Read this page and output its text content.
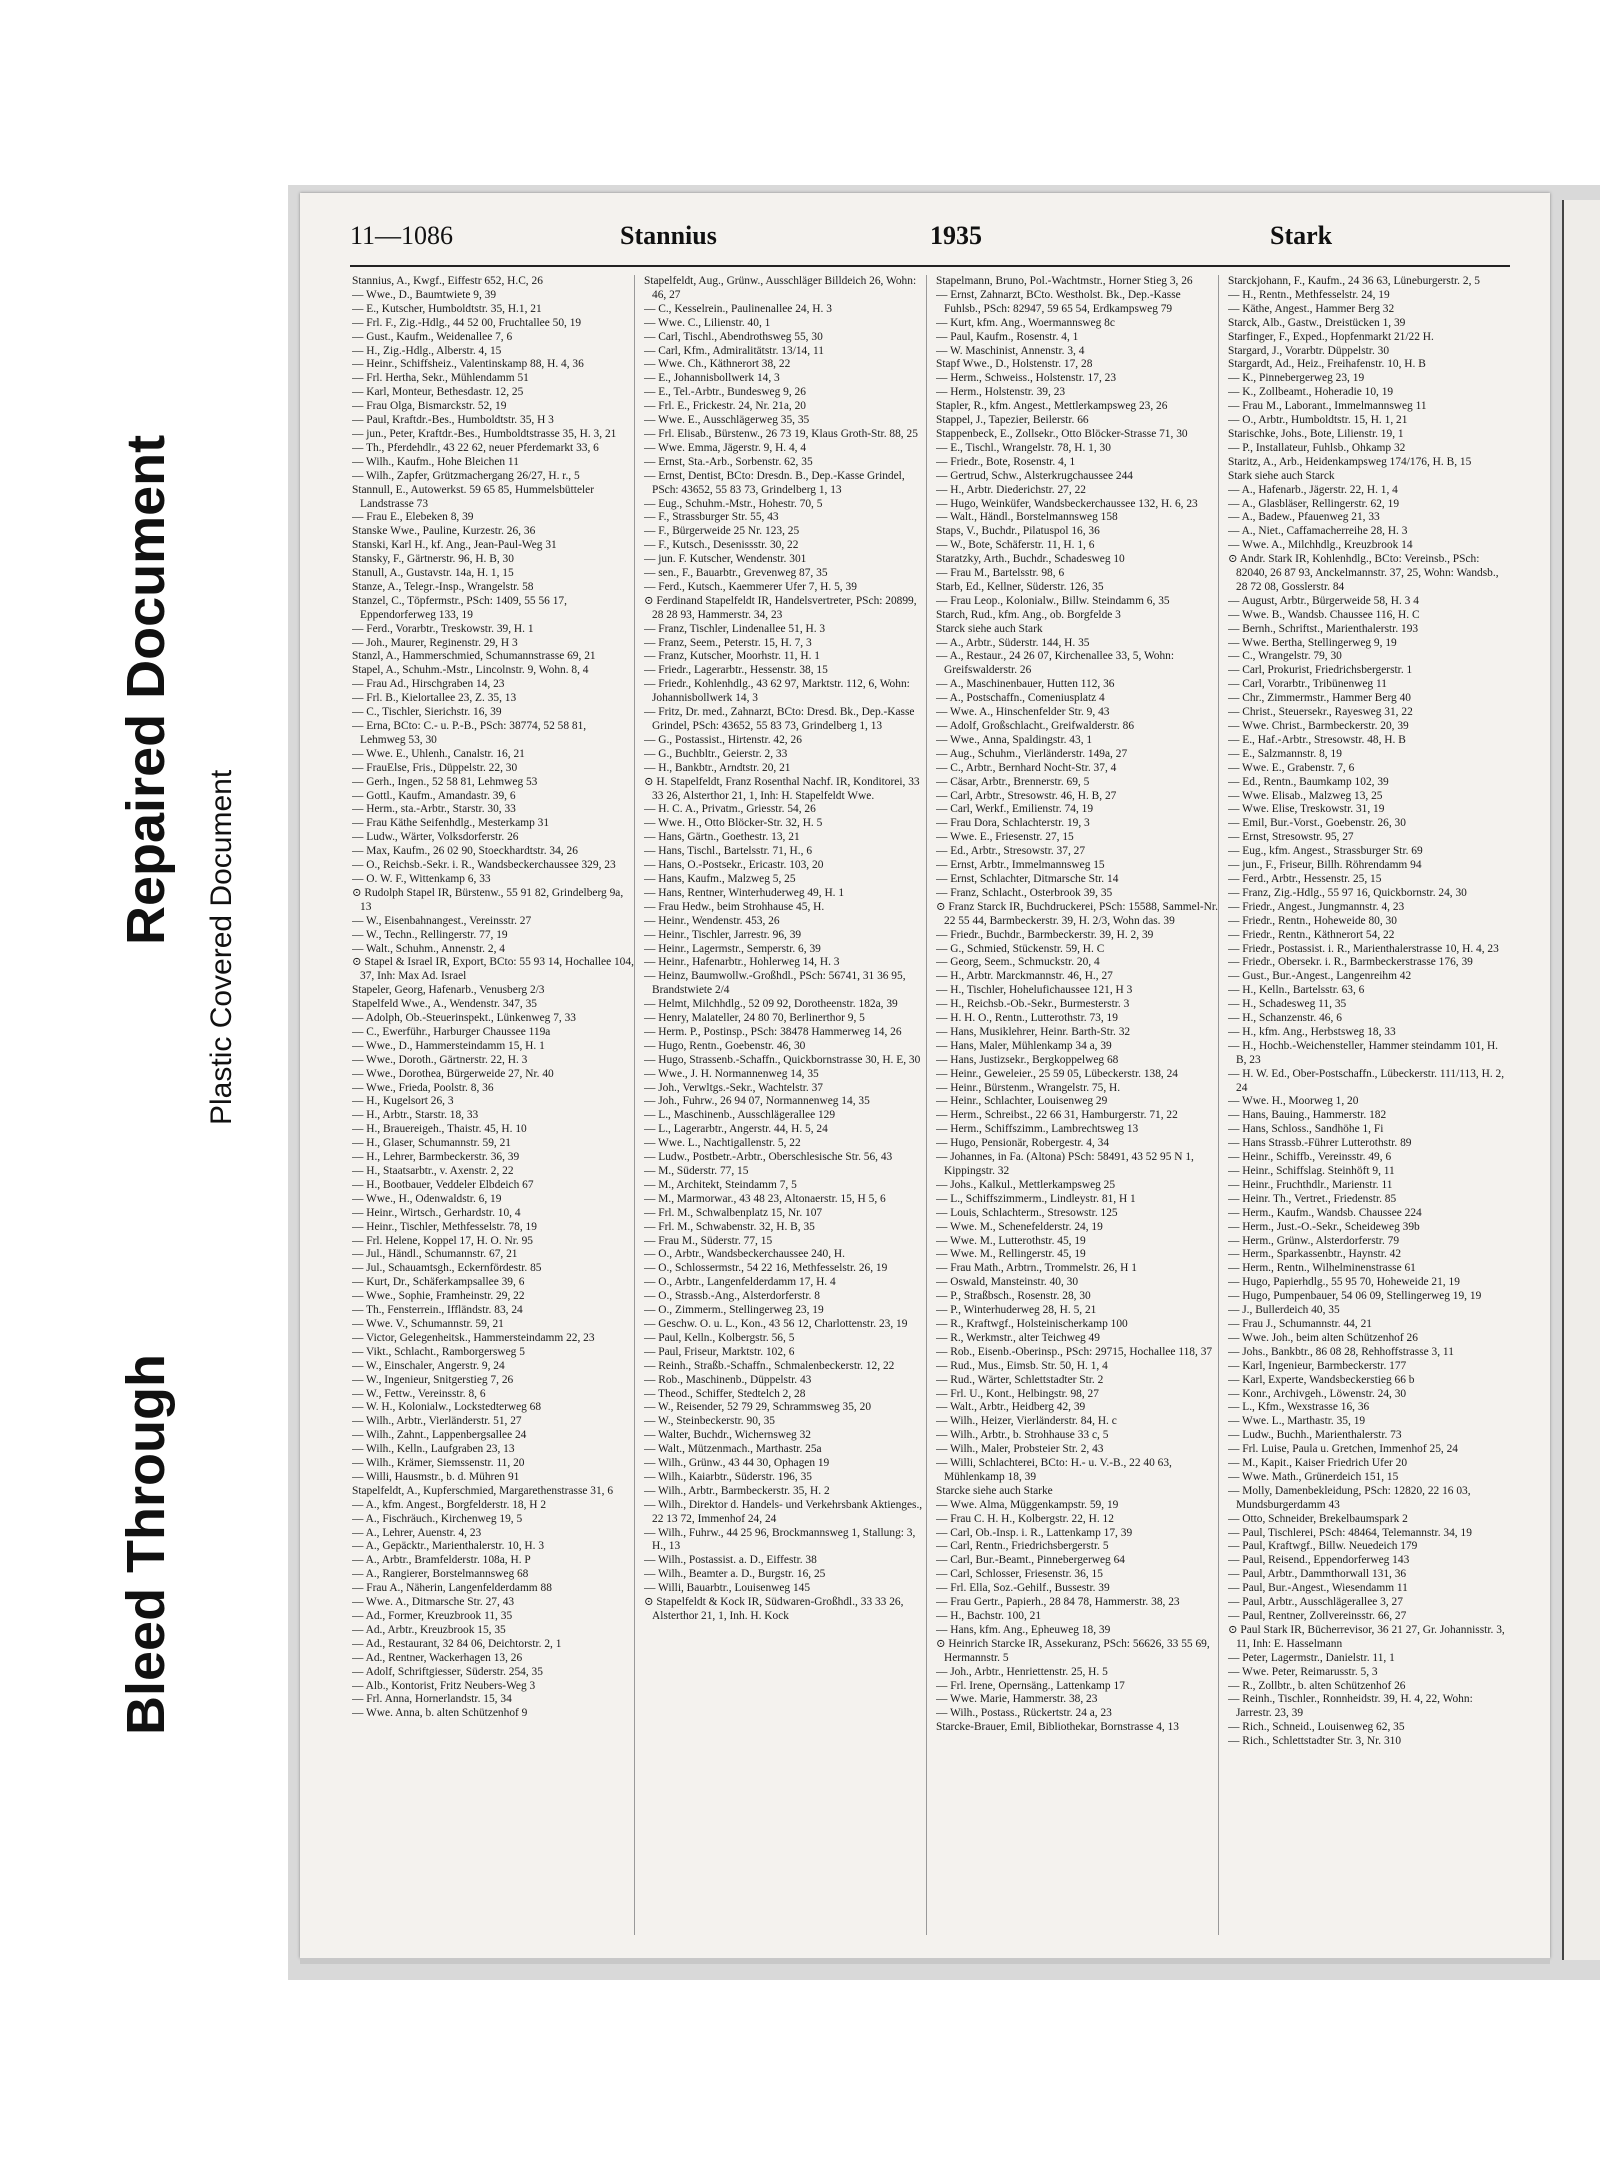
Bleed Through
Repaired Document
Plastic Covered Document
11—1086	Stannius	1935	Stark
Stannius, A., Kwgf., Eiffestr 652, H.C, 26
— Wwe., D., Baumtwiete 9, 39
— E., Kutscher, Humboldtstr. 35, H.1, 21
— Frl. F., Zig.-Hdlg., 44 52 00, Fruchtallee 50, 19
— Gust., Kaufm., Weidenallee 7, 6
— H., Zig.-Hdlg., Alberstr. 4, 15
— Heinr., Schiffsheiz., Valentinskamp 88, H. 4, 36
— Frl. Hertha, Sekr., Mühlendamm 51
— Karl, Monteur, Bethesdastr. 12, 25
— Frau Olga, Bismarckstr. 52, 19
— Paul, Kraftdr.-Bes., Humboldtstr. 35, H 3
— jun., Peter, Kraftdr.-Bes., Humboldtstrasse 35, H. 3, 21
— Th., Pferdehdlr., 43 22 62, neuer Pferdemarkt 33, 6
— Wilh., Kaufm., Hohe Bleichen 11
— Wilh., Zapfer, Grützmachergang 26/27, H. r., 5
Stannull, E., Autowerkst. 59 65 85, Hummelsbütteler Landstrasse 73
— Frau E., Elebeken 8, 39
Stanske Wwe., Pauline, Kurzestr. 26, 36
Stanski, Karl H., kf. Ang., Jean-Paul-Weg 31
Stansky, F., Gärtnerstr. 96, H. B, 30
Stanull, A., Gustavstr. 14a, H. 1, 15
Stanze, A., Telegr.-Insp., Wrangelstr. 58
Stanzel, C., Töpfermstr., PSch: 1409, 55 56 17, Eppendorferweg 133, 19
— Ferd., Vorarbtr., Treskowstr. 39, H. 1
— Joh., Maurer, Reginenstr. 29, H 3
Stanzl, A., Hammerschmied, Schumannstrasse 69, 21
Stapel, A., Schuhm.-Mstr., Lincolnstr. 9, Wohn. 8, 4
— Frau Ad., Hirschgraben 14, 23
— Frl. B., Kielortallee 23, Z. 35, 13
— C., Tischler, Sierichstr. 16, 39
— Erna, BCto: C.- u. P.-B., PSch: 38774, 52 58 81, Lehmweg 53, 30
— Wwe. E., Uhlenh., Canalstr. 16, 21
— FrauElse, Fris., Düppelstr. 22, 30
— Gerh., Ingen., 52 58 81, Lehmweg 53
— Gottl., Kaufm., Amandastr. 39, 6
— Herm., sta.-Arbtr., Starstr. 30, 33
— Frau Käthe Seifenhdlg., Mesterkamp 31
— Ludw., Wärter, Volksdorferstr. 26
— Max, Kaufm., 26 02 90, Stoeckhardtstr. 34, 26
— O., Reichsb.-Sekr. i. R., Wandsbeckerchaussee 329, 23
— O. W. F., Wittenkamp 6, 33
⊙ Rudolph Stapel IR, Bürstenw., 55 91 82, Grindelberg 9a, 13
— W., Eisenbahnangest., Vereinsstr. 27
— W., Techn., Rellingerstr. 77, 19
— Walt., Schuhm., Annenstr. 2, 4
⊙ Stapel & Israel IR, Export, BCto: 55 93 14, Hochallee 104, 37, Inh: Max Ad. Israel
Stapeler, Georg, Hafenarb., Venusberg 2/3
Stapelfeld Wwe., A., Wendenstr. 347, 35
— Adolph, Ob.-Steuerinspekt., Lünkenweg 7, 33
— C., Ewerführ., Harburger Chaussee 119a
— Wwe., D., Hammersteindamm 15, H. 1
— Wwe., Doroth., Gärtnerstr. 22, H. 3
— Wwe., Dorothea, Bürgerweide 27, Nr. 40
— Wwe., Frieda, Poolstr. 8, 36
— H., Kugelsort 26, 3
— H., Arbtr., Starstr. 18, 33
— H., Brauereigeh., Thaistr. 45, H. 10
— H., Glaser, Schumannstr. 59, 21
— H., Lehrer, Barmbeckerstr. 36, 39
— H., Staatsarbtr., v. Axenstr. 2, 22
— H., Bootbauer, Veddeler Elbdeich 67
— Wwe., H., Odenwaldstr. 6, 19
— Heinr., Wirtsch., Gerhardstr. 10, 4
— Heinr., Tischler, Methfesselstr. 78, 19
— Frl. Helene, Koppel 17, H. O. Nr. 95
— Jul., Händl., Schumannstr. 67, 21
— Jul., Schauamtsgh., Eckernfördestr. 85
— Kurt, Dr., Schäferkampsallee 39, 6
— Wwe., Sophie, Framheinstr. 29, 22
— Th., Fensterrein., Iffländstr. 83, 24
— Wwe. V., Schumannstr. 59, 21
— Victor, Gelegenheitsk., Hammersteindamm 22, 23
— Vikt., Schlacht., Ramborgersweg 5
— W., Einschaler, Angerstr. 9, 24
— W., Ingenieur, Snitgerstieg 7, 26
— W., Fettw., Vereinsstr. 8, 6
— W. H., Kolonialw., Lockstedterweg 68
— Wilh., Arbtr., Vierländerstr. 51, 27
— Wilh., Zahnt., Lappenbergsallee 24
— Wilh., Kelln., Laufgraben 23, 13
— Wilh., Krämer, Siemssenstr. 11, 20
— Willi, Hausmstr., b. d. Mühren 91
Stapelfeldt, A., Kupferschmied, Margarethenstrasse 31, 6
— A., kfm. Angest., Borgfelderstr. 18, H 2
— A., Fischräuch., Kirchenweg 19, 5
— A., Lehrer, Auenstr. 4, 23
— A., Gepäcktr., Marienthalerstr. 10, H. 3
— A., Arbtr., Bramfelderstr. 108a, H. P
— A., Rangierer, Borstelmannsweg 68
— Frau A., Näherin, Langenfelderdamm 88
— Wwe. A., Ditmarsche Str. 27, 43
— Ad., Former, Kreuzbrook 11, 35
— Ad., Arbtr., Kreuzbrook 15, 35
— Ad., Restaurant, 32 84 06, Deichtorstr. 2, 1
— Ad., Rentner, Wackerhagen 13, 26
— Adolf, Schriftgiesser, Süderstr. 254, 35
— Alb., Kontorist, Fritz Neubers-Weg 3
— Frl. Anna, Hornerlandstr. 15, 34
— Wwe. Anna, b. alten Schützenhof 9
Stapelfeldt, Aug., Grünw., Ausschläger Billdeich 26, Wohn: 46, 27
— C., Kesselrein., Paulinenallee 24, H. 3
— Wwe. C., Lilienstr. 40, 1
— Carl, Tischl., Abendrothsweg 55, 30
— Carl, Kfm., Admiralitätstr. 13/14, 11
— Wwe. Ch., Käthnerort 38, 22
— E., Johannisbollwerk 14, 3
— E., Tel.-Arbtr., Bundesweg 9, 26
— Frl. E., Frickestr. 24, Nr. 21a, 20
— Wwe. E., Ausschlägerweg 35, 35
— Frl. Elisab., Bürstenw., 26 73 19, Klaus Groth-Str. 88, 25
— Wwe. Emma, Jägerstr. 9, H. 4, 4
— Ernst, Sta.-Arb., Sorbenstr. 62, 35
— Ernst, Dentist, BCto: Dresdn. B., Dep.-Kasse Grindel, PSch: 43652, 55 83 73, Grindelberg 1, 13
— Eug., Schuhm.-Mstr., Hohestr. 70, 5
— F., Strassburger Str. 55, 43
— F., Bürgerweide 25 Nr. 123, 25
— F., Kutsch., Desenissstr. 30, 22
— jun. F. Kutscher, Wendenstr. 301
— sen., F., Bauarbtr., Grevenweg 87, 35
— Ferd., Kutsch., Kaemmerer Ufer 7, H. 5, 39
⊙ Ferdinand Stapelfeldt IR, Handelsvertreter, PSch: 20899, 28 28 93, Hammerstr. 34, 23
— Franz, Tischler, Lindenallee 51, H. 3
— Franz, Seem., Peterstr. 15, H. 7, 3
— Franz, Kutscher, Moorhstr. 11, H. 1
— Friedr., Lagerarbtr., Hessenstr. 38, 15
— Friedr., Kohlenhdlg., 43 62 97, Marktstr. 112, 6, Wohn: Johannisbollwerk 14, 3
— Fritz, Dr. med., Zahnarzt, BCto: Dresd. Bk., Dep.-Kasse Grindel, PSch: 43652, 55 83 73, Grindelberg 1, 13
— G., Postassist., Hirtenstr. 42, 26
— G., Buchbltr., Geierstr. 2, 33
— H., Bankbtr., Arndtstr. 20, 21
⊙ H. Stapelfeldt, Franz Rosenthal Nachf. IR, Konditorei, 33 33 26, Alsterthor 21, 1, Inh: H. Stapelfeldt Wwe.
— H. C. A., Privatm., Griesstr. 54, 26
— Wwe. H., Otto Blöcker-Str. 32, H. 5
— Hans, Gärtn., Goethestr. 13, 21
— Hans, Tischl., Bartelsstr. 71, H., 6
— Hans, O.-Postsekr., Ericastr. 103, 20
— Hans, Kaufm., Malzweg 5, 25
— Hans, Rentner, Winterhuderweg 49, H. 1
— Frau Hedw., beim Strohhause 45, H.
— Heinr., Wendenstr. 453, 26
— Heinr., Tischler, Jarrestr. 96, 39
— Heinr., Lagermstr., Semperstr. 6, 39
— Heinr., Hafenarbtr., Hohlerweg 14, H. 3
— Heinz, Baumwollw.-Großhdl., PSch: 56741, 31 36 95, Brandstwiete 2/4
— Helmt, Milchhdlg., 52 09 92, Dorotheenstr. 182a, 39
— Henry, Malateller, 24 80 70, Berlinerthor 9, 5
— Herm. P., Postinsp., PSch: 38478 Hammerweg 14, 26
— Hugo, Rentn., Goebenstr. 46, 30
— Hugo, Strassenb.-Schaffn., Quickbornstrasse 30, H. E, 30
— Wwe., J. H. Normannenweg 14, 35
— Joh., Verwltgs.-Sekr., Wachtelstr. 37
— Joh., Fuhrw., 26 94 07, Normannenweg 14, 35
— L., Maschinenb., Ausschlägerallee 129
— L., Lagerarbtr., Angerstr. 44, H. 5, 24
— Wwe. L., Nachtigallenstr. 5, 22
— Ludw., Postbetr.-Arbtr., Oberschlesische Str. 56, 43
— M., Süderstr. 77, 15
— M., Architekt, Steindamm 7, 5
— M., Marmorwar., 43 48 23, Altonaerstr. 15, H 5, 6
— Frl. M., Schwalbenplatz 15, Nr. 107
— Frl. M., Schwabenstr. 32, H. B, 35
— Frau M., Süderstr. 77, 15
— O., Arbtr., Wandsbeckerchaussee 240, H.
— O., Schlossermstr., 54 22 16, Methfesselstr. 26, 19
— O., Arbtr., Langenfelderdamm 17, H. 4
— O., Strassb.-Ang., Alsterdorferstr. 8
— O., Zimmerm., Stellingerweg 23, 19
— Geschw. O. u. L., Kon., 43 56 12, Charlottenstr. 23, 19
— Paul, Kelln., Kolbergstr. 56, 5
— Paul, Friseur, Marktstr. 102, 6
— Reinh., Straßb.-Schaffn., Schmalenbeckerstr. 12, 22
— Rob., Maschinenb., Düppelstr. 43
— Theod., Schiffer, Stedtelch 2, 28
— W., Reisender, 52 79 29, Schrammsweg 35, 20
— W., Steinbeckerstr. 90, 35
— Walter, Buchdr., Wichernsweg 32
— Walt., Mützenmach., Marthastr. 25a
— Wilh., Grünw., 43 44 30, Ophagen 19
— Wilh., Kaiarbtr., Süderstr. 196, 35
— Wilh., Arbtr., Barmbeckerstr. 35, H. 2
— Wilh., Direktor d. Handels- und Verkehrsbank Aktienges., 22 13 72, Immenhof 24, 24
— Wilh., Fuhrw., 44 25 96, Brockmannsweg 1, Stallung: 3, H., 13
— Wilh., Postassist. a. D., Eiffestr. 38
— Wilh., Beamter a. D., Burgstr. 16, 25
— Willi, Bauarbtr., Louisenweg 145
⊙ Stapelfeldt & Kock IR, Südwaren-Großhdl., 33 33 26, Alsterthor 21, 1, Inh. H. Kock
Stapelmann, Bruno, Pol.-Wachtmstr., Horner Stieg 3, 26
— Ernst, Zahnarzt, BCto. Westholst. Bk., Dep.-Kasse Fuhlsb., PSch: 82947, 59 65 54, Erdkampsweg 79
— Kurt, kfm. Ang., Woermannsweg 8c
— Paul, Kaufm., Rosenstr. 4, 1
— W. Maschinist, Annenstr. 3, 4
Stapf Wwe., D., Holstenstr. 17, 28
— Herm., Schweiss., Holstenstr. 17, 23
— Herm., Holstenstr. 39, 23
Stapler, R., kfm. Angest., Mettlerkampsweg 23, 26
Stappel, J., Tapezier, Beilerstr. 66
Stappenbeck, E., Zollsekr., Otto Blöcker-Strasse 71, 30
— E., Tischl., Wrangelstr. 78, H. 1, 30
— Friedr., Bote, Rosenstr. 4, 1
— Gertrud, Schw., Alsterkrugchaussee 244
— H., Arbtr. Diederichstr. 27, 22
— Hugo, Weinküfer, Wandsbeckerchaussee 132, H. 6, 23
— Walt., Händl., Borstelmannsweg 158
Staps, V., Buchdr., Pilatuspol 16, 36
— W., Bote, Schäferstr. 11, H. 1, 6
Staratzky, Arth., Buchdr., Schadesweg 10
— Frau M., Bartelsstr. 98, 6
Starb, Ed., Kellner, Süderstr. 126, 35
— Frau Leop., Kolonialw., Billw. Steindamm 6, 35
Starch, Rud., kfm. Ang., ob. Borgfelde 3
Starck siehe auch Stark
— A., Arbtr., Süderstr. 144, H. 35
— A., Restaur., 24 26 07, Kirchenallee 33, 5, Wohn: Greifswalderstr. 26
— A., Maschinenbauer, Hutten 112, 36
— A., Postschaffn., Comeniusplatz 4
— Wwe. A., Hinschenfelder Str. 9, 43
— Adolf, Großschlacht., Greifwalderstr. 86
— Wwe., Anna, Spaldingstr. 43, 1
— Aug., Schuhm., Vierländerstr. 149a, 27
— C., Arbtr., Bernhard Nocht-Str. 37, 4
— Cäsar, Arbtr., Brennerstr. 69, 5
— Carl, Arbtr., Stresowstr. 46, H. B, 27
— Carl, Werkf., Emilienstr. 74, 19
— Frau Dora, Schlachterstr. 19, 3
— Wwe. E., Friesenstr. 27, 15
— Ed., Arbtr., Stresowstr. 37, 27
— Ernst, Arbtr., Immelmannsweg 15
— Ernst, Schlachter, Ditmarsche Str. 14
— Franz, Schlacht., Osterbrook 39, 35
⊙ Franz Starck IR, Buchdruckerei, PSch: 15588, Sammel-Nr. 22 55 44, Barmbeckerstr. 39, H. 2/3, Wohn das. 39
— Friedr., Buchdr., Barmbeckerstr. 39, H. 2, 39
— G., Schmied, Stückenstr. 59, H. C
— Georg, Seem., Schmuckstr. 20, 4
— H., Arbtr. Marckmannstr. 46, H., 27
— H., Tischler, Hohelufichaussee 121, H 3
— H., Reichsb.-Ob.-Sekr., Burmesterstr. 3
— H. H. O., Rentn., Lutterothstr. 73, 19
— Hans, Musiklehrer, Heinr. Barth-Str. 32
— Hans, Maler, Mühlenkamp 34 a, 39
— Hans, Justizsekr., Bergkoppelweg 68
— Heinr., Geweleier., 25 59 05, Lübeckerstr. 138, 24
— Heinr., Bürstenm., Wrangelstr. 75, H.
— Heinr., Schlachter, Louisenweg 29
— Herm., Schreibst., 22 66 31, Hamburgerstr. 71, 22
— Herm., Schiffszimm., Lambrechtsweg 13
— Hugo, Pensionär, Robergestr. 4, 34
— Johannes, in Fa. (Altona) PSch: 58491, 43 52 95 N 1, Kippingstr. 32
— Johs., Kalkul., Mettlerkampsweg 25
— L., Schiffszimmerm., Lindleystr. 81, H 1
— Louis, Schlachterm., Stresowstr. 125
— Wwe. M., Schenefelderstr. 24, 19
— Wwe. M., Lutterothstr. 45, 19
— Wwe. M., Rellingerstr. 45, 19
— Frau Math., Arbtrn., Trommelstr. 26, H 1
— Oswald, Mansteinstr. 40, 30
— P., Straßbsch., Rosenstr. 28, 30
— P., Winterhuderweg 28, H. 5, 21
— R., Kraftwgf., Holsteinischerkamp 100
— R., Werkmstr., alter Teichweg 49
— Rob., Eisenb.-Oberinsp., PSch: 29715, Hochallee 118, 37
— Rud., Mus., Eimsb. Str. 50, H. 1, 4
— Rud., Wärter, Schlettstadter Str. 2
— Frl. U., Kont., Helbingstr. 98, 27
— Walt., Arbtr., Heidberg 42, 39
— Wilh., Heizer, Vierländerstr. 84, H. c
— Wilh., Arbtr., b. Strohhause 33 c, 5
— Wilh., Maler, Probsteier Str. 2, 43
— Willi, Schlachterei, BCto: H.- u. V.-B., 22 40 63, Mühlenkamp 18, 39
Starcke siehe auch Starke
— Wwe. Alma, Müggenkampstr. 59, 19
— Frau C. H. H., Kolbergstr. 22, H. 12
— Carl, Ob.-Insp. i. R., Lattenkamp 17, 39
— Carl, Rentn., Friedrichsbergerstr. 5
— Carl, Bur.-Beamt., Pinnebergerweg 64
— Carl, Schlosser, Friesenstr. 36, 15
— Frl. Ella, Soz.-Gehilf., Bussestr. 39
— Frau Gertr., Papierh., 28 84 78, Hammerstr. 38, 23
— H., Bachstr. 100, 21
— Hans, kfm. Ang., Epheuweg 18, 39
⊙ Heinrich Starcke IR, Assekuranz, PSch: 56626, 33 55 69, Hermannstr. 5
— Joh., Arbtr., Henriettenstr. 25, H. 5
— Frl. Irene, Opernsäng., Lattenkamp 17
— Wwe. Marie, Hammerstr. 38, 23
— Wilh., Postass., Rückertstr. 24 a, 23
Starcke-Brauer, Emil, Bibliothekar, Bornstrasse 4, 13
Starckjohann, F., Kaufm., 24 36 63, Lüneburgerstr. 2, 5
— H., Rentn., Methfesselstr. 24, 19
— Käthe, Angest., Hammer Berg 32
Starck, Alb., Gastw., Dreistücken 1, 39
Starfinger, F., Exped., Hopfenmarkt 21/22 H.
Stargard, J., Vorarbtr. Düppelstr. 30
Stargardt, Ad., Heiz., Freihafenstr. 10, H. B
— K., Pinnebergerweg 23, 19
— K., Zollbeamt., Hoheradie 10, 19
— Frau M., Laborant., Immelmannsweg 11
— O., Arbtr., Humboldtstr. 15, H. 1, 21
Starischke, Johs., Bote, Lilienstr. 19, 1
— P., Installateur, Fuhlsb., Ohkamp 32
Staritz, A., Arb., Heidenkampsweg 174/176, H. B, 15
Stark siehe auch Starck
— A., Hafenarb., Jägerstr. 22, H. 1, 4
— A., Glasbläser, Rellingerstr. 62, 19
— A., Badew., Pfauenweg 21, 33
— A., Niet., Caffamacherreihe 28, H. 3
— Wwe. A., Milchhdlg., Kreuzbrook 14
⊙ Andr. Stark IR, Kohlenhdlg., BCto: Vereinsb., PSch: 82040, 26 87 93, Anckelmannstr. 37, 25, Wohn: Wandsb., 28 72 08, Gosslerstr. 84
— August, Arbtr., Bürgerweide 58, H. 3 4
— Wwe. B., Wandsb. Chaussee 116, H. C
— Bernh., Schriftst., Marienthalerstr. 193
— Wwe. Bertha, Stellingerweg 9, 19
— C., Wrangelstr. 79, 30
— Carl, Prokurist, Friedrichsbergerstr. 1
— Carl, Vorarbtr., Tribünenweg 11
— Chr., Zimmermstr., Hammer Berg 40
— Christ., Steuersekr., Rayesweg 31, 22
— Wwe. Christ., Barmbeckerstr. 20, 39
— E., Haf.-Arbtr., Stresowstr. 48, H. B
— E., Salzmannstr. 8, 19
— Wwe. E., Grabenstr. 7, 6
— Ed., Rentn., Baumkamp 102, 39
— Wwe. Elisab., Malzweg 13, 25
— Wwe. Elise, Treskowstr. 31, 19
— Emil, Bur.-Vorst., Goebenstr. 26, 30
— Ernst, Stresowstr. 95, 27
— Eug., kfm. Angest., Strassburger Str. 69
— jun., F., Friseur, Billh. Röhrendamm 94
— Ferd., Arbtr., Hessenstr. 25, 15
— Franz, Zig.-Hdlg., 55 97 16, Quickbornstr. 24, 30
— Friedr., Angest., Jungmannstr. 4, 23
— Friedr., Rentn., Hoheweide 80, 30
— Friedr., Rentn., Käthnerort 54, 22
— Friedr., Postassist. i. R., Marienthalerstrasse 10, H. 4, 23
— Friedr., Obersekr. i. R., Barmbeckerstrasse 176, 39
— Gust., Bur.-Angest., Langenreihm 42
— H., Kelln., Bartelsstr. 63, 6
— H., Schadesweg 11, 35
— H., Schanzenstr. 46, 6
— H., kfm. Ang., Herbstsweg 18, 33
— H., Hochb.-Weichensteller, Hammer steindamm 101, H. B, 23
— H. W. Ed., Ober-Postschaffn., Lübeckerstr. 111/113, H. 2, 24
— Wwe. H., Moorweg 1, 20
— Hans, Bauing., Hammerstr. 182
— Hans, Schloss., Sandhöhe 1, Fi
— Hans Strassb.-Führer Lutterothstr. 89
— Heinr., Schiffb., Vereinsstr. 49, 6
— Heinr., Schiffslag. Steinhöft 9, 11
— Heinr., Fruchthdlr., Marienstr. 11
— Heinr. Th., Vertret., Friedenstr. 85
— Herm., Kaufm., Wandsb. Chaussee 224
— Herm., Just.-O.-Sekr., Scheideweg 39b
— Herm., Grünw., Alsterdorferstr. 79
— Herm., Sparkassenbtr., Haynstr. 42
— Herm., Rentn., Wilhelminenstrasse 61
— Hugo, Papierhdlg., 55 95 70, Hoheweide 21, 19
— Hugo, Pumpenbauer, 54 06 09, Stellingerweg 19, 19
— J., Bullerdeich 40, 35
— Frau J., Schumannstr. 44, 21
— Wwe. Joh., beim alten Schützenhof 26
— Johs., Bankbtr., 86 08 28, Rehhoffstrasse 3, 11
— Karl, Ingenieur, Barmbeckerstr. 177
— Karl, Experte, Wandsbeckerstieg 66 b
— Konr., Archivgeh., Löwenstr. 24, 30
— L., Kfm., Wexstrasse 16, 36
— Wwe. L., Marthastr. 35, 19
— Ludw., Buchh., Marienthalerstr. 73
— Frl. Luise, Paula u. Gretchen, Immenhof 25, 24
— M., Kapit., Kaiser Friedrich Ufer 20
— Wwe. Math., Grünerdeich 151, 15
— Molly, Damenbekleidung, PSch: 12820, 22 16 03, Mundsburgerdamm 43
— Otto, Schneider, Brekelbaumspark 2
— Paul, Tischlerei, PSch: 48464, Telemannstr. 34, 19
— Paul, Kraftwgf., Billw. Neuedeich 179
— Paul, Reisend., Eppendorferweg 143
— Paul, Arbtr., Dammthorwall 131, 36
— Paul, Bur.-Angest., Wiesendamm 11
— Paul, Arbtr., Ausschlägerallee 3, 27
— Paul, Rentner, Zollvereinsstr. 66, 27
⊙ Paul Stark IR, Bücherrevisor, 36 21 27, Gr. Johannisstr. 3, 11, Inh: E. Hasselmann
— Peter, Lagermstr., Danielstr. 11, 1
— Wwe. Peter, Reimarusstr. 5, 3
— R., Zollbtr., b. alten Schützenhof 26
— Reinh., Tischler., Ronnheidstr. 39, H. 4, 22, Wohn: Jarrestr. 23, 39
— Rich., Schneid., Louisenweg 62, 35
— Rich., Schlettstadter Str. 3, Nr. 310
